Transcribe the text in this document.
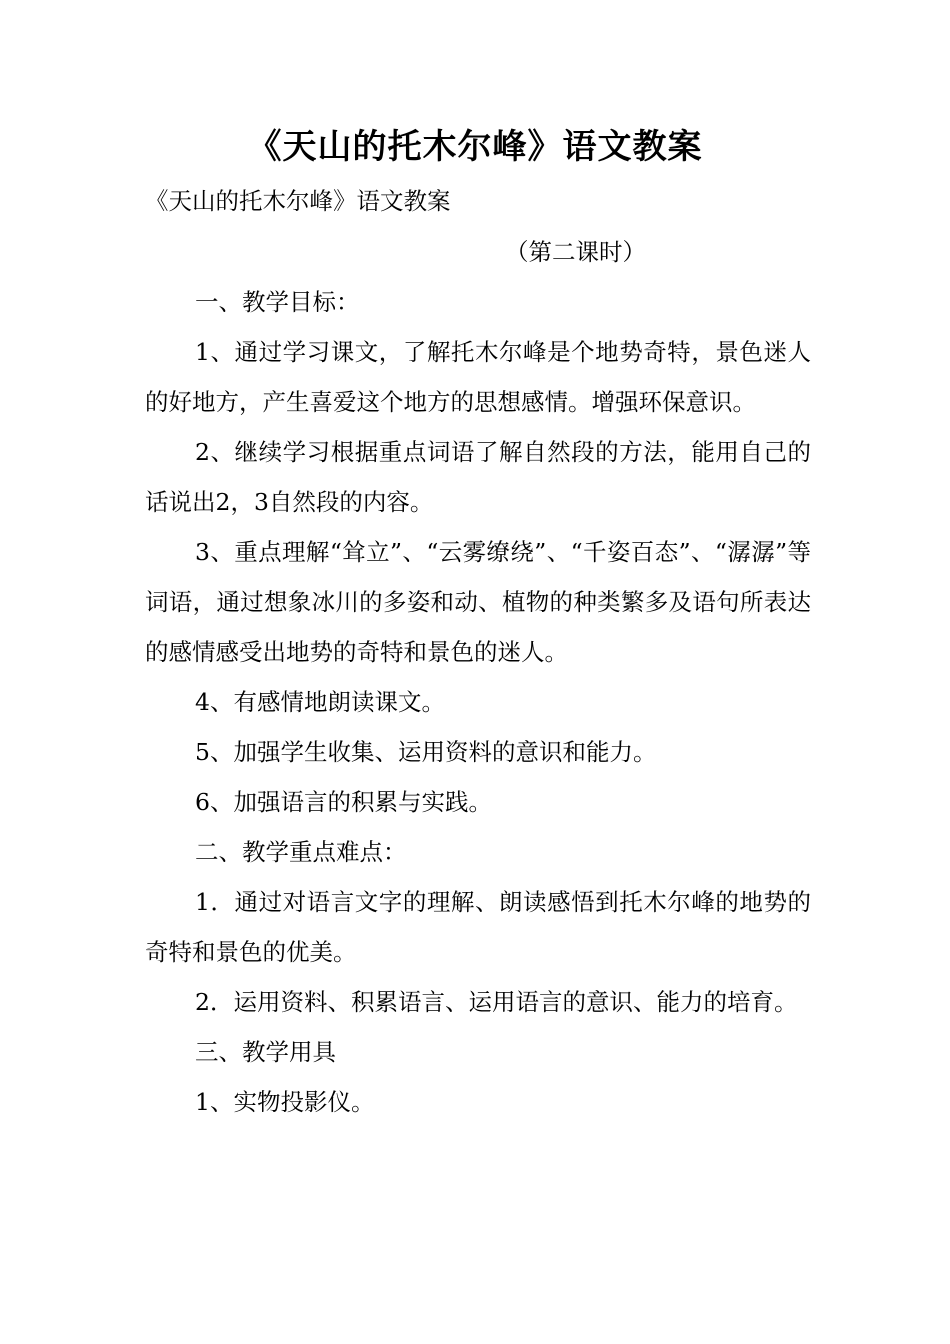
《天山的托木尔峰》语文教案

《天山的托木尔峰》语文教案

（第二课时）

一、教学目标：

1、通过学习课文，了解托木尔峰是个地势奇特，景色迷人的好地方，产生喜爱这个地方的思想感情。增强环保意识。

2、继续学习根据重点词语了解自然段的方法，能用自己的话说出2，3自然段的内容。

3、重点理解“耸立”、“云雾缭绕”、“千姿百态”、“潺潺”等词语，通过想象冰川的多姿和动、植物的种类繁多及语句所表达的感情感受出地势的奇特和景色的迷人。

4、有感情地朗读课文。

5、加强学生收集、运用资料的意识和能力。

6、加强语言的积累与实践。

二、教学重点难点：

1．通过对语言文字的理解、朗读感悟到托木尔峰的地势的奇特和景色的优美。

2．运用资料、积累语言、运用语言的意识、能力的培育。

三、教学用具

1、实物投影仪。
